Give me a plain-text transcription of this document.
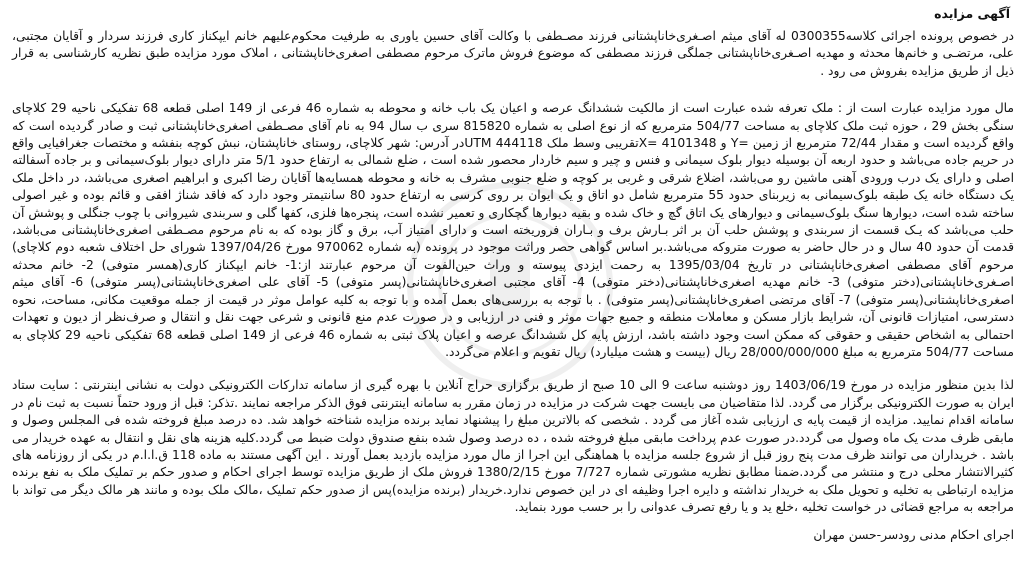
آگهی مزایده

در خصوص پرونده اجرائی کلاسه0300355 له آقای میثم اصـغری‌خاناپشتانی فرزند مصـطفی با وکالت آقای حسین یاوری به طرفیت محکوم‌علیهم خانم ایپکناز کاری فرزند سردار و آقایان مجتبی، علی، مرتضـی و خانم‌ها محدثه و مهدیه اصـغری‌خاناپشتانی جملگی فرزند مصطفی که موضوع فروش ماترک مرحوم مصطفی اصغری‌خاناپشتانی ، املاک مورد مزایده طبق نظریه کارشناسی به قرار ذیل از طریق مزایده بفروش می رود .

مال مورد مزایده عبارت است از : ملک تعرفه شده عبارت است از مالکیت ششدانگ عرصه و اعیان یک باب خانه و محوطه به شماره 46 فرعی از 149 اصلی قطعه 68 تفکیکی ناحیه 29 کلاچای سنگی بخش 29 ، حوزه ثبت ملک کلاچای به مساحت 504/77 مترمربع که از نوع اصلی به شماره 815820 سری ب سال 94 به نام آقای مصـطفی اصغری‌خاناپشتانی ثبت و صادر گردیده است که واقع گردیده است و مقدار 72/44 مترمربع از زمین =Y و 4101348 =Xتقریبی وسط ملک UTM 444118در آدرس: شهر کلاچای، روستای خاناپشتان، نبش کوچه بنفشه و مختصات جغرافیایی واقع در حریم جاده می‌باشد و حدود اربعه آن بوسیله دیوار بلوک سیمانی و فنس و چیر و سیم خاردار محصور شده است ، ضلع شمالی به ارتفاع حدود 5/1 متر دارای دیوار بلوک‌سیمانی و بر جاده آسفالته اصلی و دارای یک درب ورودی آهنی ماشین رو می‌باشد، اضلاع شرقی و غربی بر کوچه و ضلع جنوبی مشرف به خانه و محوطه همسایه‌ها آقایان رضا اکبری و ابراهیم اصغری می‌باشد، در داخل ملک یک دستگاه خانه یک طبقه بلوک‌سیمانی به زیربنای حدود 55 مترمربع شامل دو اتاق و یک ایوان بر روی کرسی به ارتفاع حدود 80 سانتیمتر وجود دارد که فاقد شناژ افقی و قائم بوده و غیر اصولی ساخته شده است، دیوارها سنگ بلوک‌سیمانی و دیوارهای یک اتاق گچ و خاک شده و بقیه دیوارها گچکاری و تعمیر نشده است، پنجره‌ها فلزی، کفها گلی و سربندی شیروانی با چوب جنگلی و پوشش آن حلب می‌باشد که یـک قسمت از سربندی و پوشش حلب آن بر اثر بـارش برف و بـاران فروریخته است و دارای امتیاز آب، برق و گاز بوده که به نام مرحوم مصـطفی اصغری‌خاناپشتانی می‌باشد، قدمت آن حدود 40 سال و در حال حاضر به صورت متروکه می‌باشد.بر اساس گواهی حصر وراثت موجود در پرونده (به شماره 970062 مورخ 1397/04/26 شورای حل اختلاف شعبه دوم کلاچای) مرحوم آقای مصطفی اصغری‌خاناپشتانی در تاریخ 1395/03/04 به رحمت ایزدی پیوسته و وراث حین‌الفوت آن مرحوم عبارتند از:1- خانم ایپکناز کاری(همسر متوفی) 2- خانم محدثه اصـغری‌خاناپشتانی(دختر متوفی) 3- خانم مهدیه اصغری‌خاناپشتانی(دختر متوفی) 4- آقای مجتبی اصغری‌خاناپشتانی(پسر متوفی) 5- آقای علی اصغری‌خاناپشتانی(پسر متوفی) 6- آقای میثم اصغری‌خاناپشتانی(پسر متوفی) 7- آقای مرتضی اصغری‌خاناپشتانی(پسر متوفی) . با توجه به بررسی‌های بعمل آمده و با توجه به کلیه عوامل موثر در قیمت از جمله موقعیت مکانی، مساحت، نحوه دسترسی، امتیازات قانونی آن، شرایط بازار مسکن و معاملات منطقه و جمیع جهات موثر و فنی در ارزیابی و در صورت عدم منع قانونی و شرعی جهت نقل و انتقال و صرف‌نظر از دیون و تعهدات احتمالی به اشخاص حقیقی و حقوقی که ممکن است وجود داشته باشد، ارزش پایه کل ششدانگ عرصه و اعیان پلاک ثبتی به شماره 46 فرعی از 149 اصلی قطعه 68 تفکیکی ناحیه 29 کلاچای به مساحت 504/77 مترمربع به مبلغ 28/000/000/000 ریال (بیست و هشت میلیارد) ریال تقویم و اعلام می‌گردد.

لذا بدین منظور مزایده در مورخ 1403/06/19 روز دوشنبه ساعت 9 الی 10 صبح از طریق برگزاری حراج آنلاین با بهره گیری از سامانه تدارکات الکترونیکی دولت به نشانی اینترنتی : سایت ستاد ایران به صورت الکترونیکی برگزار می گردد. لذا متقاضیان می بایست جهت شرکت در مزایده در زمان مقرر به سامانه اینترنتی فوق الذکر مراجعه نمایند .تذکر: قبل از ورود حتماً نسبت به ثبت نام در سامانه اقدام نمایید. مزایده از قیمت پایه ی ارزیابی شده آغاز می گردد . شخصی که بالاترین مبلغ را پیشنهاد نماید برنده مزایده شناخته خواهد شد. ده درصد مبلغ فروخته شده فی المجلس وصول و مابقی ظرف مدت یک ماه وصول می گردد.در صورت عدم پرداخت مابقی مبلغ فروخته شده ، ده درصد وصول شده بنفع صندوق دولت ضبط می گردد.کلیه هزینه های نقل و انتقال به عهده خریدار می باشد . خریداران می توانند ظرف مدت پنج روز قبل از شروع جلسه مزایده با هماهنگی این اجرا از مال مورد مزایده بازدید بعمل آورند . این آگهی مستند به ماده 118 ق.ا.ا.م در یکی از روزنامه های کثیرالانتشار محلی درج و منتشر می گردد.ضمنا مطابق نظریه مشورتی شماره 7/727 مورخ 1380/2/15 فروش ملک از طریق مزایده توسط اجرای احکام و صدور حکم بر تملیک ملک به نفع برنده مزایده ارتباطی به تخلیه و تحویل ملک به خریدار نداشته و دایره اجرا وظیفه ای در این خصوص ندارد.خریدار (برنده مزایده)پس از صدور حکم تملیک ،مالک ملک بوده و مانند هر مالک دیگر می تواند با مراجعه به مراجع قضائی در خواست تخلیه ،خلع ید و یا رفع تصرف عدوانی را بر حسب مورد بنماید.

اجرای احکام مدنی رودسر-حسن مهران
